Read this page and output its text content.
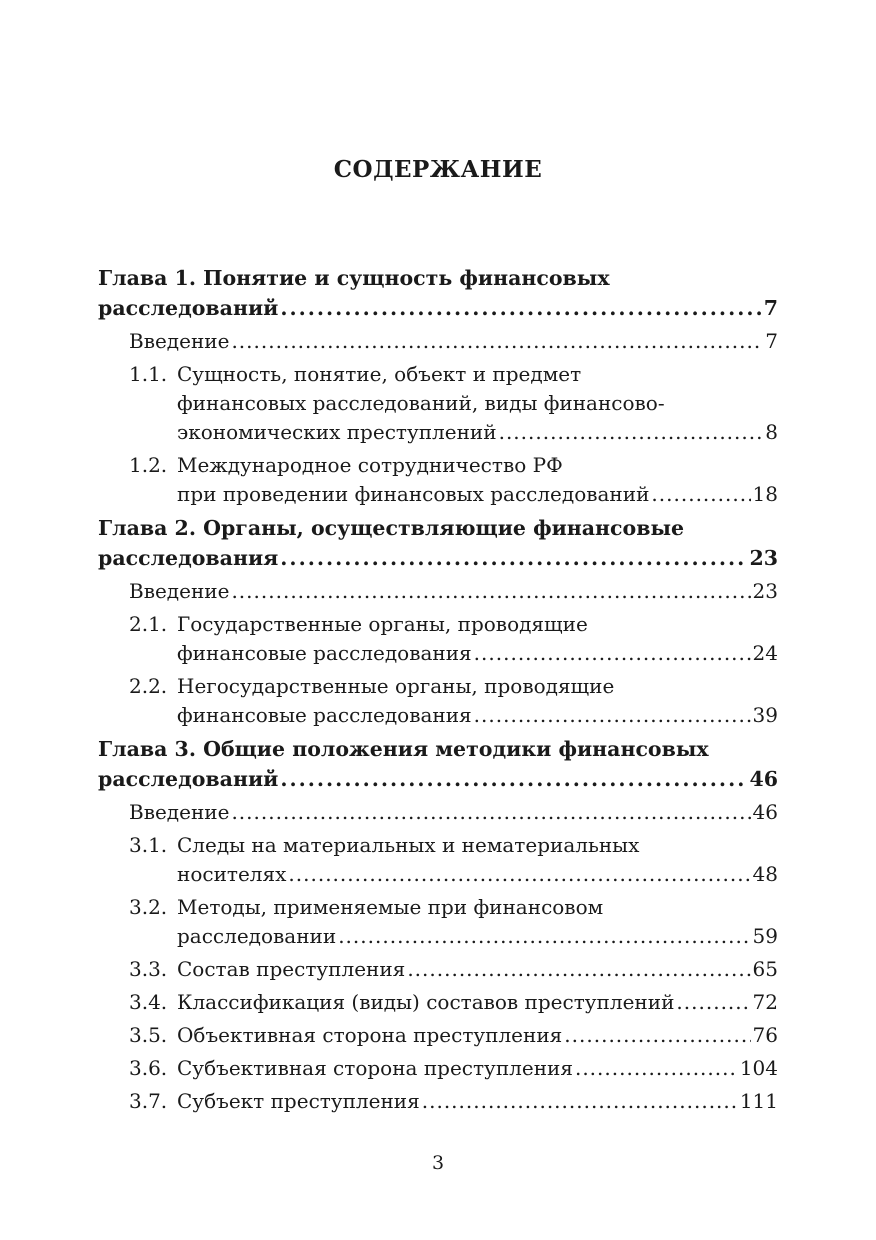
СОДЕРЖАНИЕ
Глава 1. Понятие и сущность финансовых
расследований .....	7
Введение .....	7
1.1. Сущность, понятие, объект и предмет
финансовых расследований, виды финансово-
экономических преступлений .....	8
1.2. Международное сотрудничество РФ
при проведении финансовых расследований .....	18
Глава 2. Органы, осуществляющие финансовые
расследования .....	23
Введение .....	23
2.1. Государственные органы, проводящие
финансовые расследования .....	24
2.2. Негосударственные органы, проводящие
финансовые расследования .....	39
Глава 3. Общие положения методики финансовых
расследований .....	46
Введение .....	46
3.1. Следы на материальных и нематериальных
носителях .....	48
3.2. Методы, применяемые при финансовом
расследовании .....	59
3.3. Состав преступления .....	65
3.4. Классификация (виды) составов преступлений .....	72
3.5. Объективная сторона преступления .....	76
3.6. Субъективная сторона преступления .....	104
3.7. Субъект преступления .....	111
3
